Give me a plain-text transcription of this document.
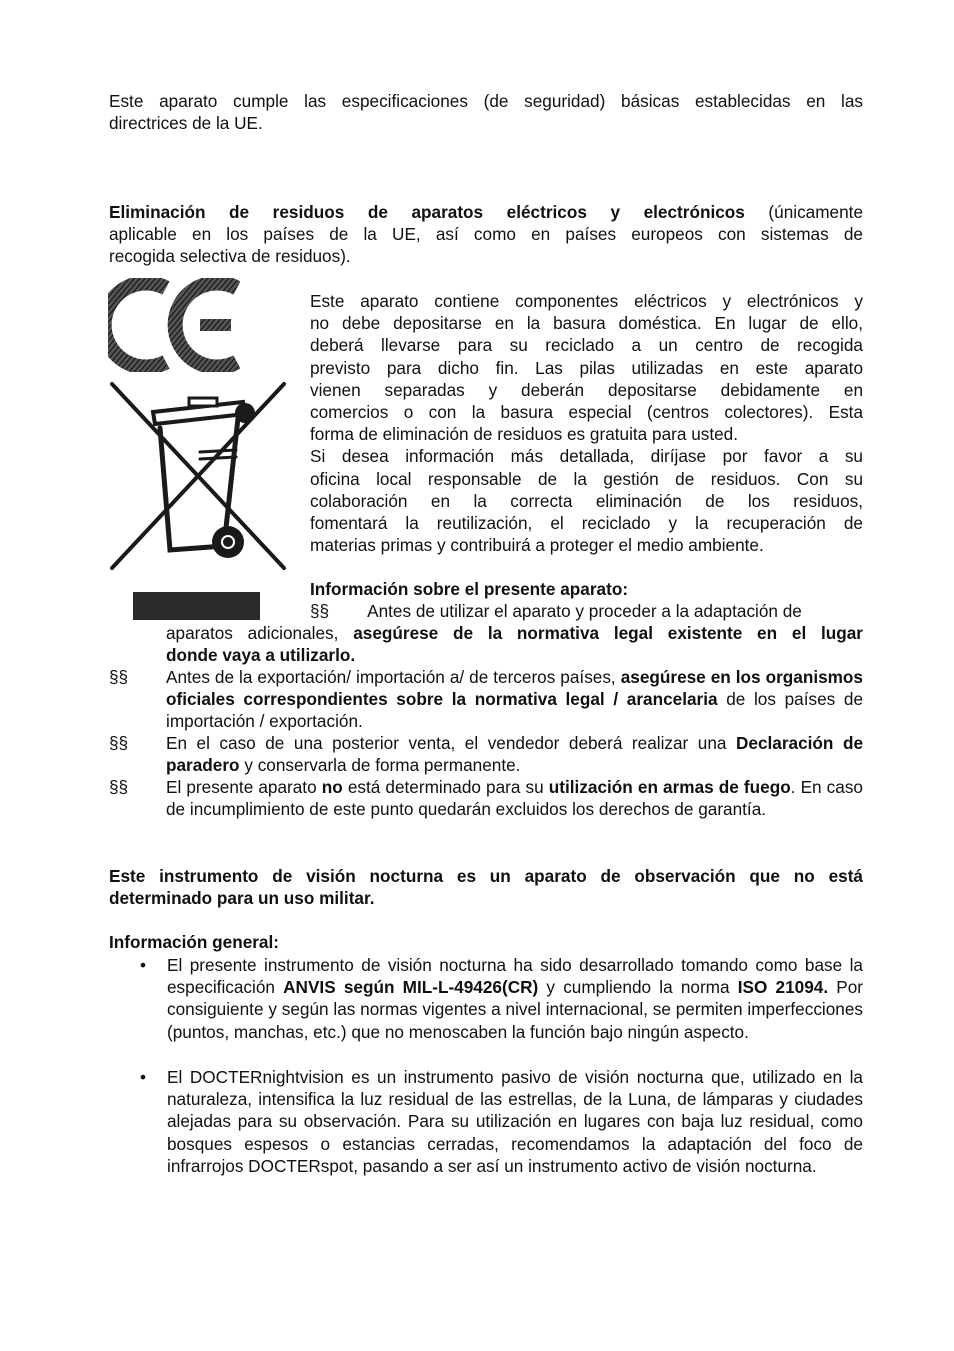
Este aparato cumple las especificaciones (de seguridad) básicas establecidas en las
directrices de la UE.
Eliminación de residuos de aparatos eléctricos y electrónicos (únicamente
aplicable en los países de la UE, así como en países europeos con sistemas de
recogida selectiva de residuos).
Este aparato contiene componentes eléctricos y electrónicos y
no debe depositarse en la basura doméstica. En lugar de ello,
deberá llevarse para su reciclado a un centro de recogida
previsto para dicho fin. Las pilas utilizadas en este aparato
vienen separadas y deberán depositarse debidamente en
comercios o con la basura especial (centros colectores). Esta
forma de eliminación de residuos es gratuita para usted.
Si desea información más detallada, diríjase por favor a su
oficina local responsable de la gestión de residuos. Con su
colaboración en la correcta eliminación de los residuos,
fomentará la reutilización, el reciclado y la recuperación de
materias primas y contribuirá a proteger el medio ambiente.
Información sobre el presente aparato:
§§ Antes de utilizar el aparato y proceder a la adaptación de
aparatos adicionales, asegúrese de la normativa legal existente en el lugar
donde vaya a utilizarlo.
§§ Antes de la exportación/ importación a/ de terceros países, asegúrese en los organismos oficiales correspondientes sobre la normativa legal / arancelaria de los países de importación / exportación.
§§ En el caso de una posterior venta, el vendedor deberá realizar una Declaración de paradero y conservarla de forma permanente.
§§ El presente aparato no está determinado para su utilización en armas de fuego. En caso de incumplimiento de este punto quedarán excluidos los derechos de garantía.
Este instrumento de visión nocturna es un aparato de observación que no está
determinado para un uso militar.
Información general:
• El presente instrumento de visión nocturna ha sido desarrollado tomando como base la especificación ANVIS según MIL-L-49426(CR) y cumpliendo la norma ISO 21094. Por consiguiente y según las normas vigentes a nivel internacional, se permiten imperfecciones (puntos, manchas, etc.) que no menoscaben la función bajo ningún aspecto.
• El DOCTERnightvision es un instrumento pasivo de visión nocturna que, utilizado en la naturaleza, intensifica la luz residual de las estrellas, de la Luna, de lámparas y ciudades alejadas para su observación. Para su utilización en lugares con baja luz residual, como bosques espesos o estancias cerradas, recomendamos la adaptación del foco de infrarrojos DOCTERspot, pasando a ser así un instrumento activo de visión nocturna.
